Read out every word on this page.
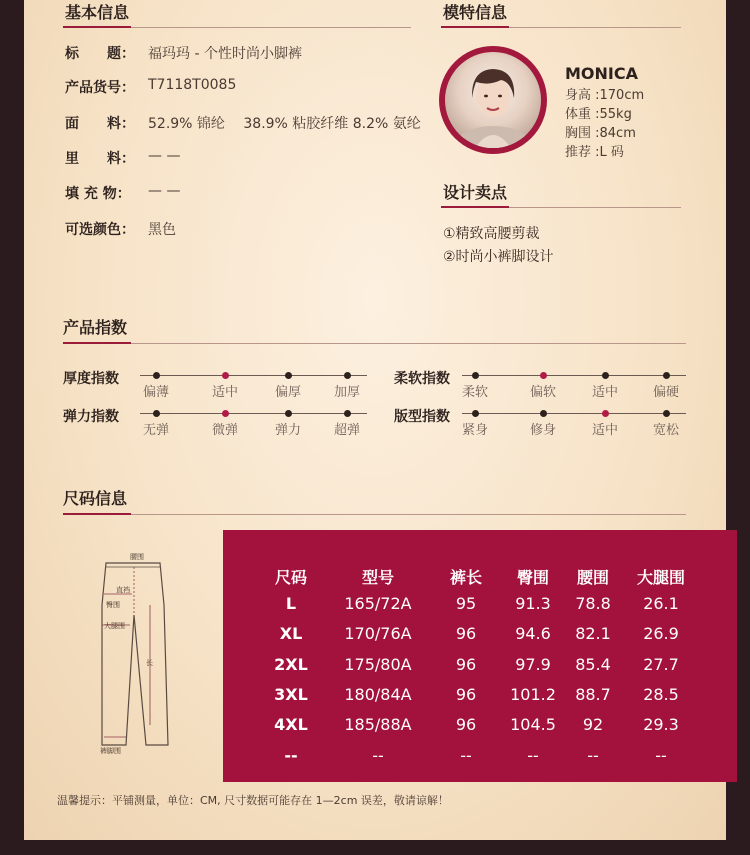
基本信息
标　　题： 福玛玛 - 个性时尚小脚裤
产品货号： T7118T0085
面　　料： 52.9% 锦纶　 38.9% 粘胶纤维 8.2% 氨纶
里　　料： — —
填 充 物：	— —
可选颜色： 黑色
模特信息
MONICA
身高 :170cm
体重 :55kg
胸围 :84cm
推荐 :L 码
设计卖点
①精致高腰剪裁
②时尚小裤脚设计
产品指数
厚度指数
偏薄	适中	偏厚	加厚
柔软指数
柔软	偏软	适中	偏硬
弹力指数
无弹	微弹	弹力	超弹
版型指数
紧身	修身	适中	宽松
尺码信息
腰围
直裆
臀围
大腿围
长
裤脚围
尺码	型号	裤长	臀围	腰围	大腿围
L	165/72A	95	91.3	78.8	26.1
XL	170/76A	96	94.6	82.1	26.9
2XL	175/80A	96	97.9	85.4	27.7
3XL	180/84A	96	101.2	88.7	28.5
4XL	185/88A	96	104.5	92	29.3
--	--	--	--	--	--
温馨提示：平铺测量，单位：CM, 尺寸数据可能存在 1—2cm 误差，敬请谅解！
